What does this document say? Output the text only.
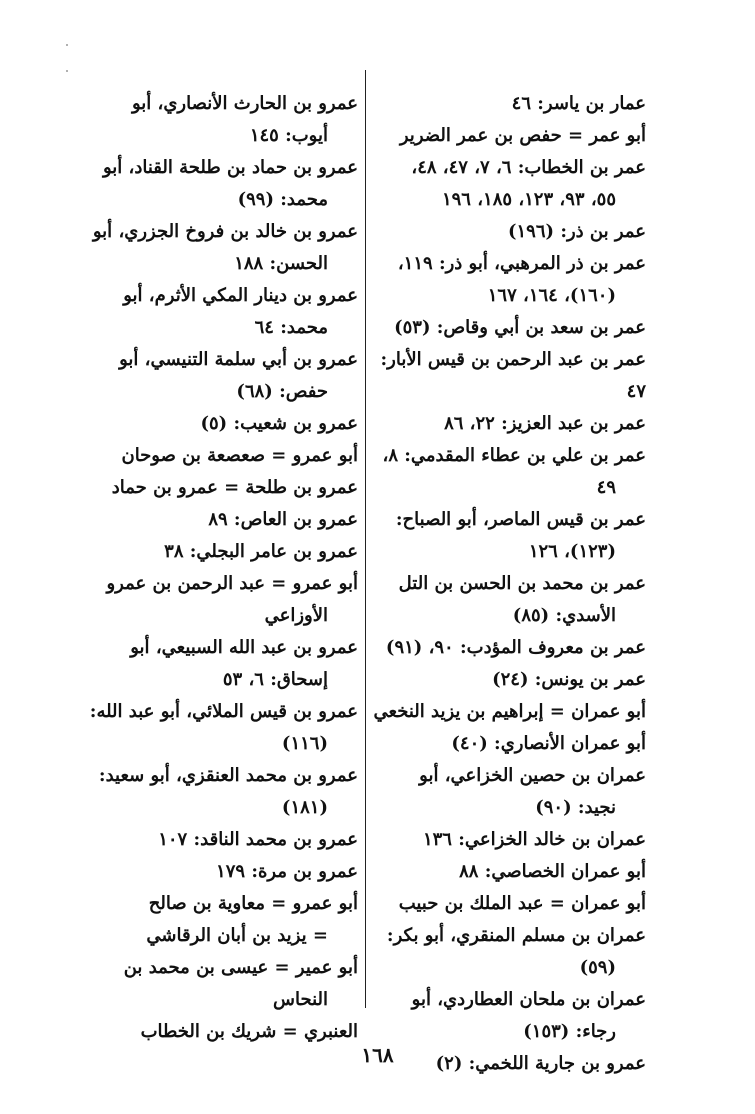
عمار بن ياسر: ٤٦
أبو عمر = حفص بن عمر الضرير
عمر بن الخطاب: ٦، ٧، ٤٧، ٤٨،
٥٥، ٩٣، ١٢٣، ١٨٥، ١٩٦
عمر بن ذر: (١٩٦)
عمر بن ذر المرهبي، أبو ذر: ١١٩،
(١٦٠)، ١٦٤، ١٦٧
عمر بن سعد بن أبي وقاص: (٥٣)
عمر بن عبد الرحمن بن قيس الأبار: ٤٧
عمر بن عبد العزيز: ٢٢، ٨٦
عمر بن علي بن عطاء المقدمي: ٨،
٤٩
عمر بن قيس الماصر، أبو الصباح:
(١٢٣)، ١٢٦
عمر بن محمد بن الحسن بن التل
الأسدي: (٨٥)
عمر بن معروف المؤدب: ٩٠، (٩١)
عمر بن يونس: (٢٤)
أبو عمران = إبراهيم بن يزيد النخعي
أبو عمران الأنصاري: (٤٠)
عمران بن حصين الخزاعي، أبو
نجيد: (٩٠)
عمران بن خالد الخزاعي: ١٣٦
أبو عمران الخصاصي: ٨٨
أبو عمران = عبد الملك بن حبيب
عمران بن مسلم المنقري، أبو بكر:
(٥٩)
عمران بن ملحان العطاردي، أبو
رجاء: (١٥٣)
عمرو بن جارية اللخمي: (٢)
عمرو بن الحارث الأنصاري، أبو
أيوب: ١٤٥
عمرو بن حماد بن طلحة القناد، أبو
محمد: (٩٩)
عمرو بن خالد بن فروخ الجزري، أبو
الحسن: ١٨٨
عمرو بن دينار المكي الأثرم، أبو
محمد: ٦٤
عمرو بن أبي سلمة التنيسي، أبو
حفص: (٦٨)
عمرو بن شعيب: (٥)
أبو عمرو = صعصعة بن صوحان
عمرو بن طلحة = عمرو بن حماد
عمرو بن العاص: ٨٩
عمرو بن عامر البجلي: ٣٨
أبو عمرو = عبد الرحمن بن عمرو
الأوزاعي
عمرو بن عبد الله السبيعي، أبو
إسحاق: ٦، ٥٣
عمرو بن قيس الملائي، أبو عبد الله:
(١١٦)
عمرو بن محمد العنقزي، أبو سعيد:
(١٨١)
عمرو بن محمد الناقد: ١٠٧
عمرو بن مرة: ١٧٩
أبو عمرو = معاوية بن صالح
= يزيد بن أبان الرقاشي
أبو عمير = عيسى بن محمد بن
النحاس
العنبري = شريك بن الخطاب
١٦٨
